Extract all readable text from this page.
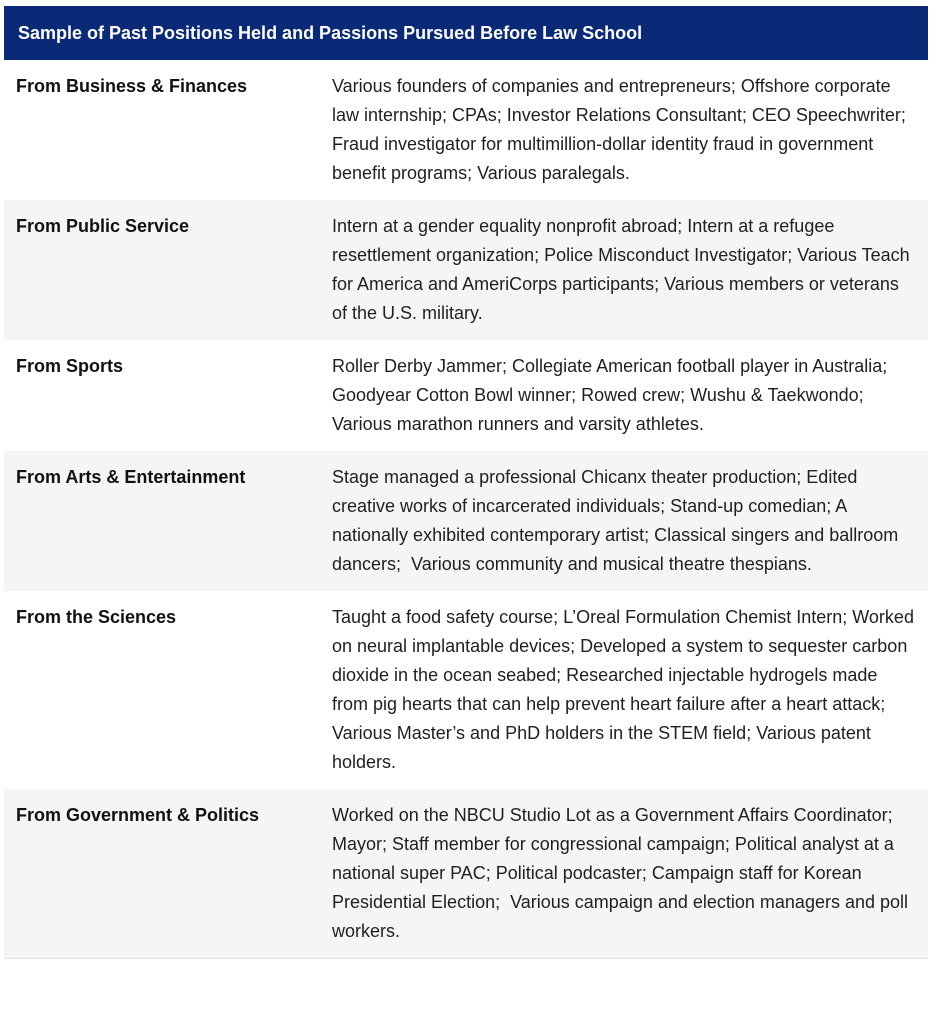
Sample of Past Positions Held and Passions Pursued Before Law School
From Business & Finances	Various founders of companies and entrepreneurs; Offshore corporate law internship; CPAs; Investor Relations Consultant; CEO Speechwriter; Fraud investigator for multimillion-dollar identity fraud in government benefit programs; Various paralegals.
From Public Service	Intern at a gender equality nonprofit abroad; Intern at a refugee resettlement organization; Police Misconduct Investigator; Various Teach for America and AmeriCorps participants; Various members or veterans of the U.S. military.
From Sports	Roller Derby Jammer; Collegiate American football player in Australia; Goodyear Cotton Bowl winner; Rowed crew; Wushu & Taekwondo; Various marathon runners and varsity athletes.
From Arts & Entertainment	Stage managed a professional Chicanx theater production; Edited creative works of incarcerated individuals; Stand-up comedian; A nationally exhibited contemporary artist; Classical singers and ballroom dancers;  Various community and musical theatre thespians.
From the Sciences	Taught a food safety course; L’Oreal Formulation Chemist Intern; Worked on neural implantable devices; Developed a system to sequester carbon dioxide in the ocean seabed; Researched injectable hydrogels made from pig hearts that can help prevent heart failure after a heart attack; Various Master’s and PhD holders in the STEM field; Various patent holders.
From Government & Politics	Worked on the NBCU Studio Lot as a Government Affairs Coordinator; Mayor; Staff member for congressional campaign; Political analyst at a national super PAC; Political podcaster; Campaign staff for Korean Presidential Election;  Various campaign and election managers and poll workers.
